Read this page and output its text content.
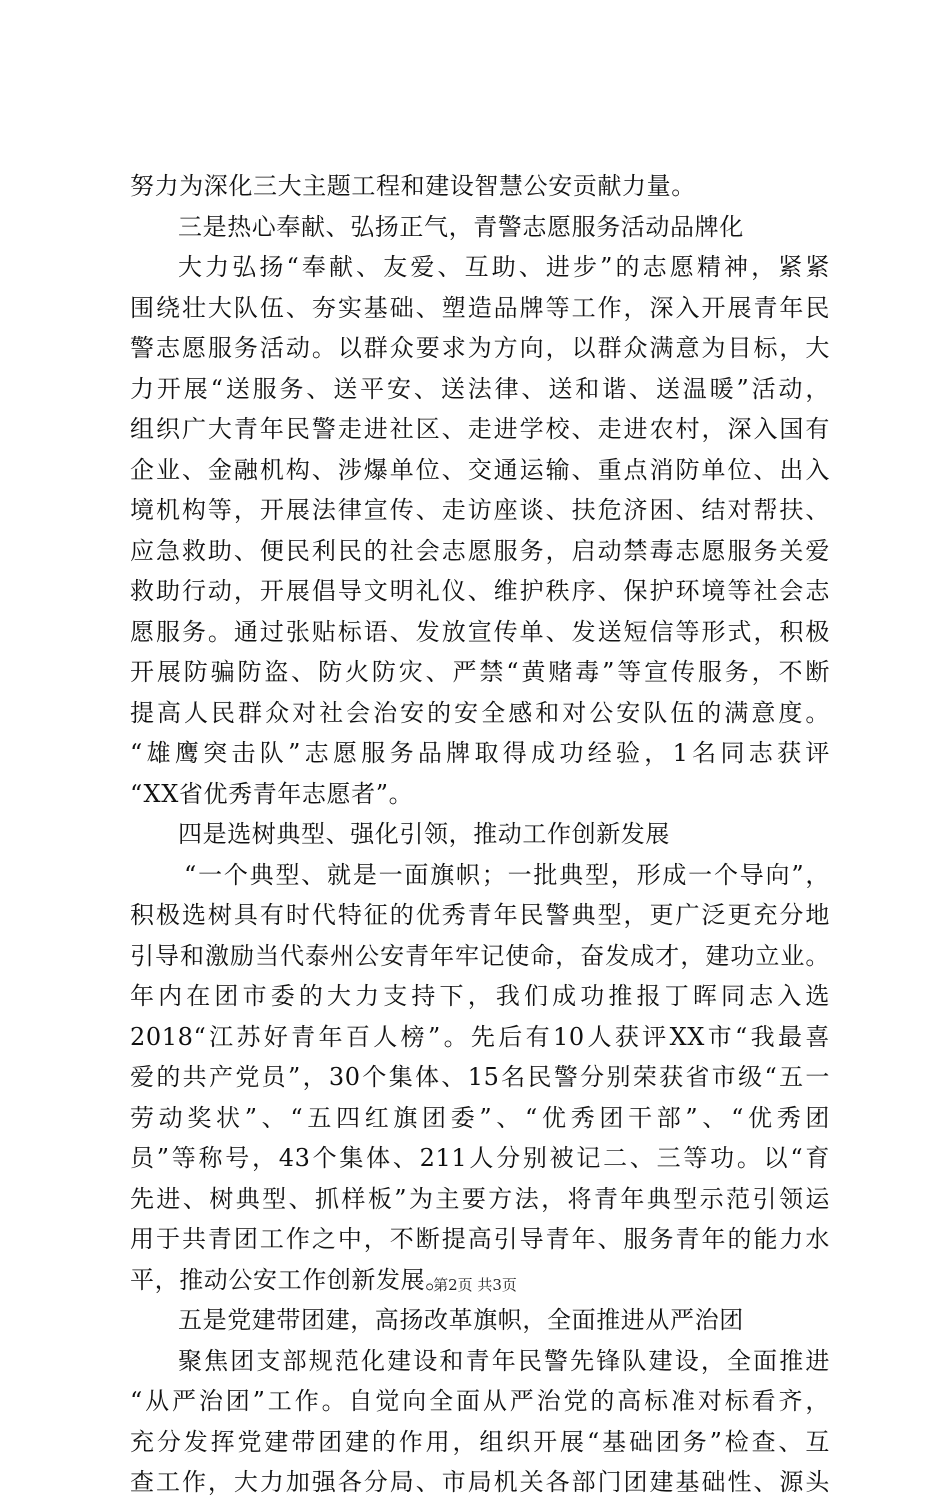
努力为深化三大主题工程和建设智慧公安贡献力量。
三是热心奉献、弘扬正气，青警志愿服务活动品牌化
大力弘扬“奉献、友爱、互助、进步”的志愿精神，紧紧
围绕壮大队伍、夯实基础、塑造品牌等工作，深入开展青年民
警志愿服务活动。以群众要求为方向，以群众满意为目标，大
力开展“送服务、送平安、送法律、送和谐、送温暖”活动，
组织广大青年民警走进社区、走进学校、走进农村，深入国有
企业、金融机构、涉爆单位、交通运输、重点消防单位、出入
境机构等，开展法律宣传、走访座谈、扶危济困、结对帮扶、
应急救助、便民利民的社会志愿服务，启动禁毒志愿服务关爱
救助行动，开展倡导文明礼仪、维护秩序、保护环境等社会志
愿服务。通过张贴标语、发放宣传单、发送短信等形式，积极
开展防骗防盗、防火防灾、严禁“黄赌毒”等宣传服务，不断
提高人民群众对社会治安的安全感和对公安队伍的满意度。
“雄鹰突击队”志愿服务品牌取得成功经验，1名同志获评
“XX省优秀青年志愿者”。
四是选树典型、强化引领，推动工作创新发展
“一个典型、就是一面旗帜；一批典型，形成一个导向”，
积极选树具有时代特征的优秀青年民警典型，更广泛更充分地
引导和激励当代泰州公安青年牢记使命，奋发成才，建功立业。
年内在团市委的大力支持下，我们成功推报丁晖同志入选
2018“江苏好青年百人榜”。先后有10人获评XX市“我最喜
爱的共产党员”，30个集体、15名民警分别荣获省市级“五一
劳动奖状”、“五四红旗团委”、“优秀团干部”、“优秀团
员”等称号，43个集体、211人分别被记二、三等功。以“育
先进、树典型、抓样板”为主要方法，将青年典型示范引领运
用于共青团工作之中，不断提高引导青年、服务青年的能力水
平，推动公安工作创新发展。
五是党建带团建，高扬改革旗帜，全面推进从严治团
聚焦团支部规范化建设和青年民警先锋队建设，全面推进
“从严治团”工作。自觉向全面从严治党的高标准对标看齐，
充分发挥党建带团建的作用，组织开展“基础团务”检查、互
查工作，大力加强各分局、市局机关各部门团建基础性、源头
第2页 共3页
